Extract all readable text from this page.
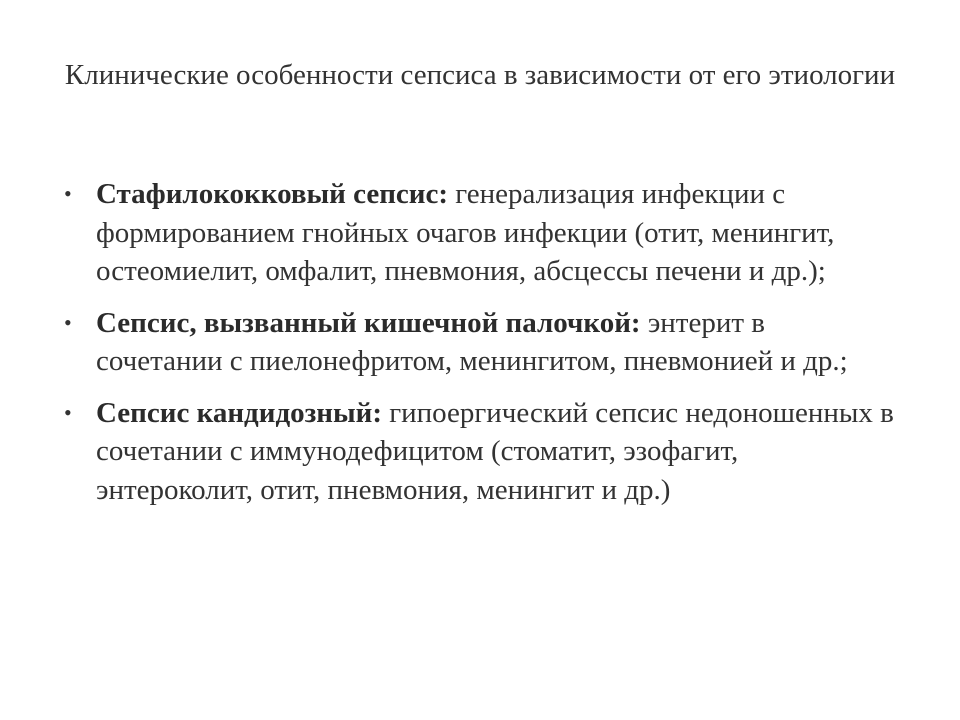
Клинические особенности сепсиса в зависимости от его этиологии
• Стафилококковый сепсис: генерализация инфекции с формированием гнойных очагов инфекции (отит, менингит, остеомиелит, омфалит, пневмония, абсцессы печени и др.);
• Сепсис, вызванный кишечной палочкой: энтерит в сочетании с пиелонефритом, менингитом, пневмонией и др.;
• Сепсис кандидозный: гипоергический сепсис недоношенных в сочетании с иммунодефицитом (стоматит, эзофагит, энтероколит, отит, пневмония, менингит и др.)
